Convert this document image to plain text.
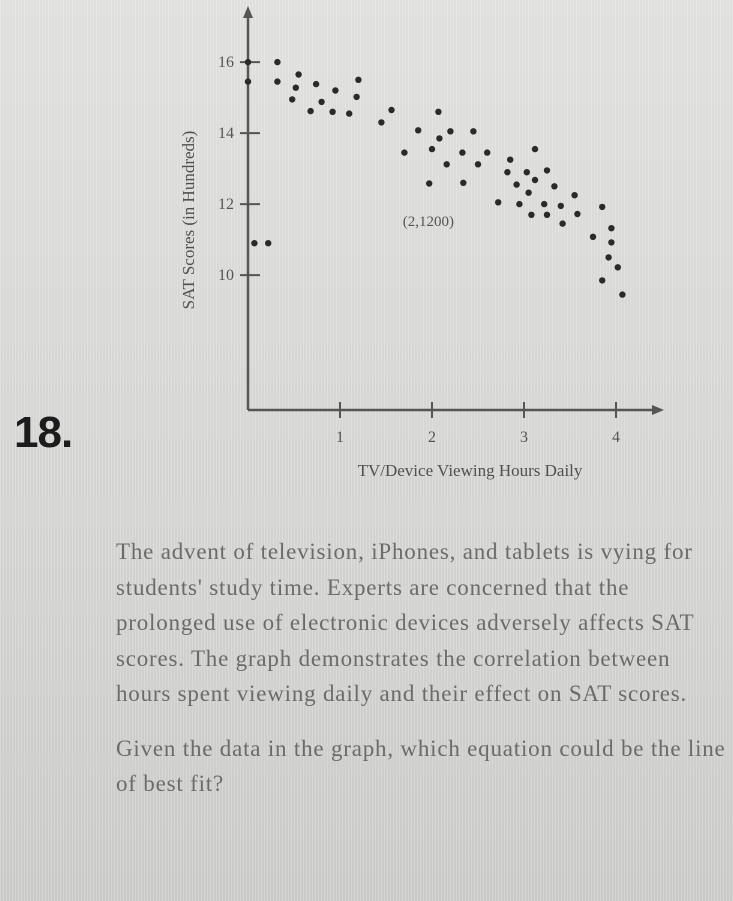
18.	1	2	3	4
10
12
14
16
(2,1200)
TV/Device Viewing Hours Daily
SAT Scores (in Hundreds)

The advent of television, iPhones, and tablets is vying for students' study time. Experts are concerned that the prolonged use of electronic devices adversely affects SAT scores. The graph demonstrates the correlation between hours spent viewing daily and their effect on SAT scores.

Given the data in the graph, which equation could be the line of best fit?
